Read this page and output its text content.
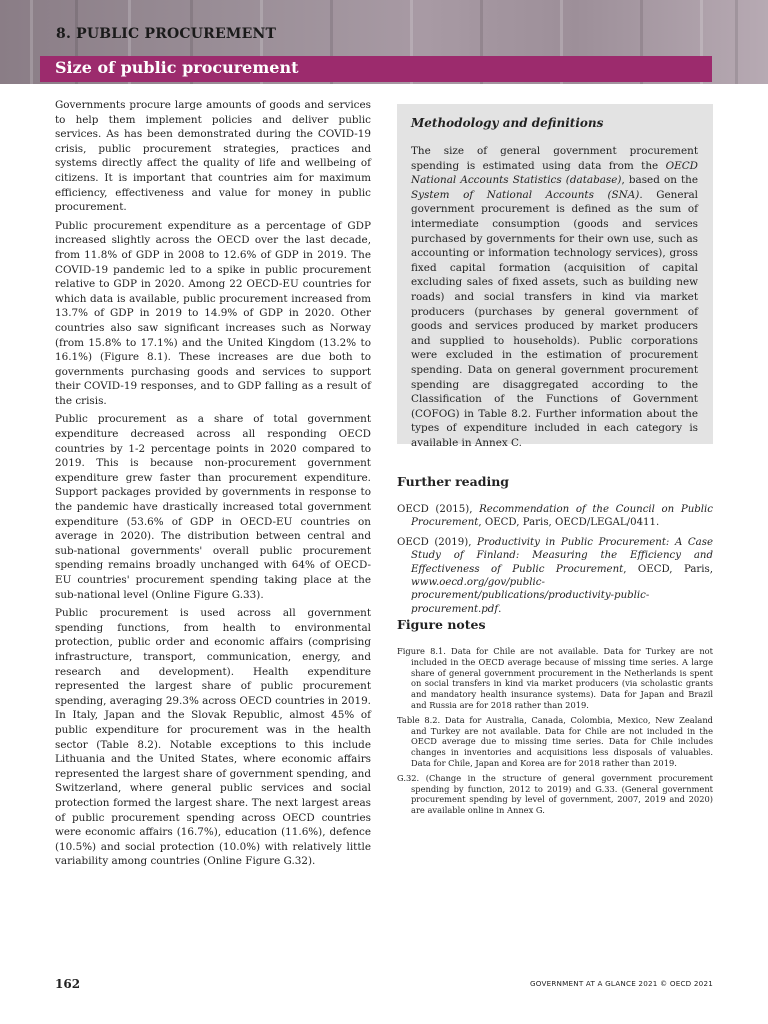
8. PUBLIC PROCUREMENT
Size of public procurement

Governments procure large amounts of goods and services to help them implement policies and deliver public services. As has been demonstrated during the COVID-19 crisis, public procurement strategies, practices and systems directly affect the quality of life and wellbeing of citizens. It is important that countries aim for maximum efficiency, effectiveness and value for money in public procurement.

Public procurement expenditure as a percentage of GDP increased slightly across the OECD over the last decade, from 11.8% of GDP in 2008 to 12.6% of GDP in 2019. The COVID-19 pandemic led to a spike in public procurement relative to GDP in 2020. Among 22 OECD-EU countries for which data is available, public procurement increased from 13.7% of GDP in 2019 to 14.9% of GDP in 2020. Other countries also saw significant increases such as Norway (from 15.8% to 17.1%) and the United Kingdom (13.2% to 16.1%) (Figure 8.1). These increases are due both to governments purchasing goods and services to support their COVID-19 responses, and to GDP falling as a result of the crisis.

Public procurement as a share of total government expenditure decreased across all responding OECD countries by 1-2 percentage points in 2020 compared to 2019. This is because non-procurement government expenditure grew faster than procurement expenditure. Support packages provided by governments in response to the pandemic have drastically increased total government expenditure (53.6% of GDP in OECD-EU countries on average in 2020). The distribution between central and sub-national governments' overall public procurement spending remains broadly unchanged with 64% of OECD-EU countries' procurement spending taking place at the sub-national level (Online Figure G.33).

Public procurement is used across all government spending functions, from health to environmental protection, public order and economic affairs (comprising infrastructure, transport, communication, energy, and research and development). Health expenditure represented the largest share of public procurement spending, averaging 29.3% across OECD countries in 2019. In Italy, Japan and the Slovak Republic, almost 45% of public expenditure for procurement was in the health sector (Table 8.2). Notable exceptions to this include Lithuania and the United States, where economic affairs represented the largest share of government spending, and Switzerland, where general public services and social protection formed the largest share. The next largest areas of public procurement spending across OECD countries were economic affairs (16.7%), education (11.6%), defence (10.5%) and social protection (10.0%) with relatively little variability among countries (Online Figure G.32).

Methodology and definitions

The size of general government procurement spending is estimated using data from the OECD National Accounts Statistics (database), based on the System of National Accounts (SNA). General government procurement is defined as the sum of intermediate consumption (goods and services purchased by governments for their own use, such as accounting or information technology services), gross fixed capital formation (acquisition of capital excluding sales of fixed assets, such as building new roads) and social transfers in kind via market producers (purchases by general government of goods and services produced by market producers and supplied to households). Public corporations were excluded in the estimation of procurement spending. Data on general government procurement spending are disaggregated according to the Classification of the Functions of Government (COFOG) in Table 8.2. Further information about the types of expenditure included in each category is available in Annex C.

Further reading

OECD (2015), Recommendation of the Council on Public Procurement, OECD, Paris, OECD/LEGAL/0411.

OECD (2019), Productivity in Public Procurement: A Case Study of Finland: Measuring the Efficiency and Effectiveness of Public Procurement, OECD, Paris, www.oecd.org/gov/public-procurement/publications/productivity-public-procurement.pdf.

Figure notes

Figure 8.1. Data for Chile are not available. Data for Turkey are not included in the OECD average because of missing time series. A large share of general government procurement in the Netherlands is spent on social transfers in kind via market producers (via scholastic grants and mandatory health insurance systems). Data for Japan and Brazil and Russia are for 2018 rather than 2019.

Table 8.2. Data for Australia, Canada, Colombia, Mexico, New Zealand and Turkey are not available. Data for Chile are not included in the OECD average due to missing time series. Data for Chile includes changes in inventories and acquisitions less disposals of valuables. Data for Chile, Japan and Korea are for 2018 rather than 2019.

G.32. (Change in the structure of general government procurement spending by function, 2012 to 2019) and G.33. (General government procurement spending by level of government, 2007, 2019 and 2020) are available online in Annex G.

162	GOVERNMENT AT A GLANCE 2021 © OECD 2021
